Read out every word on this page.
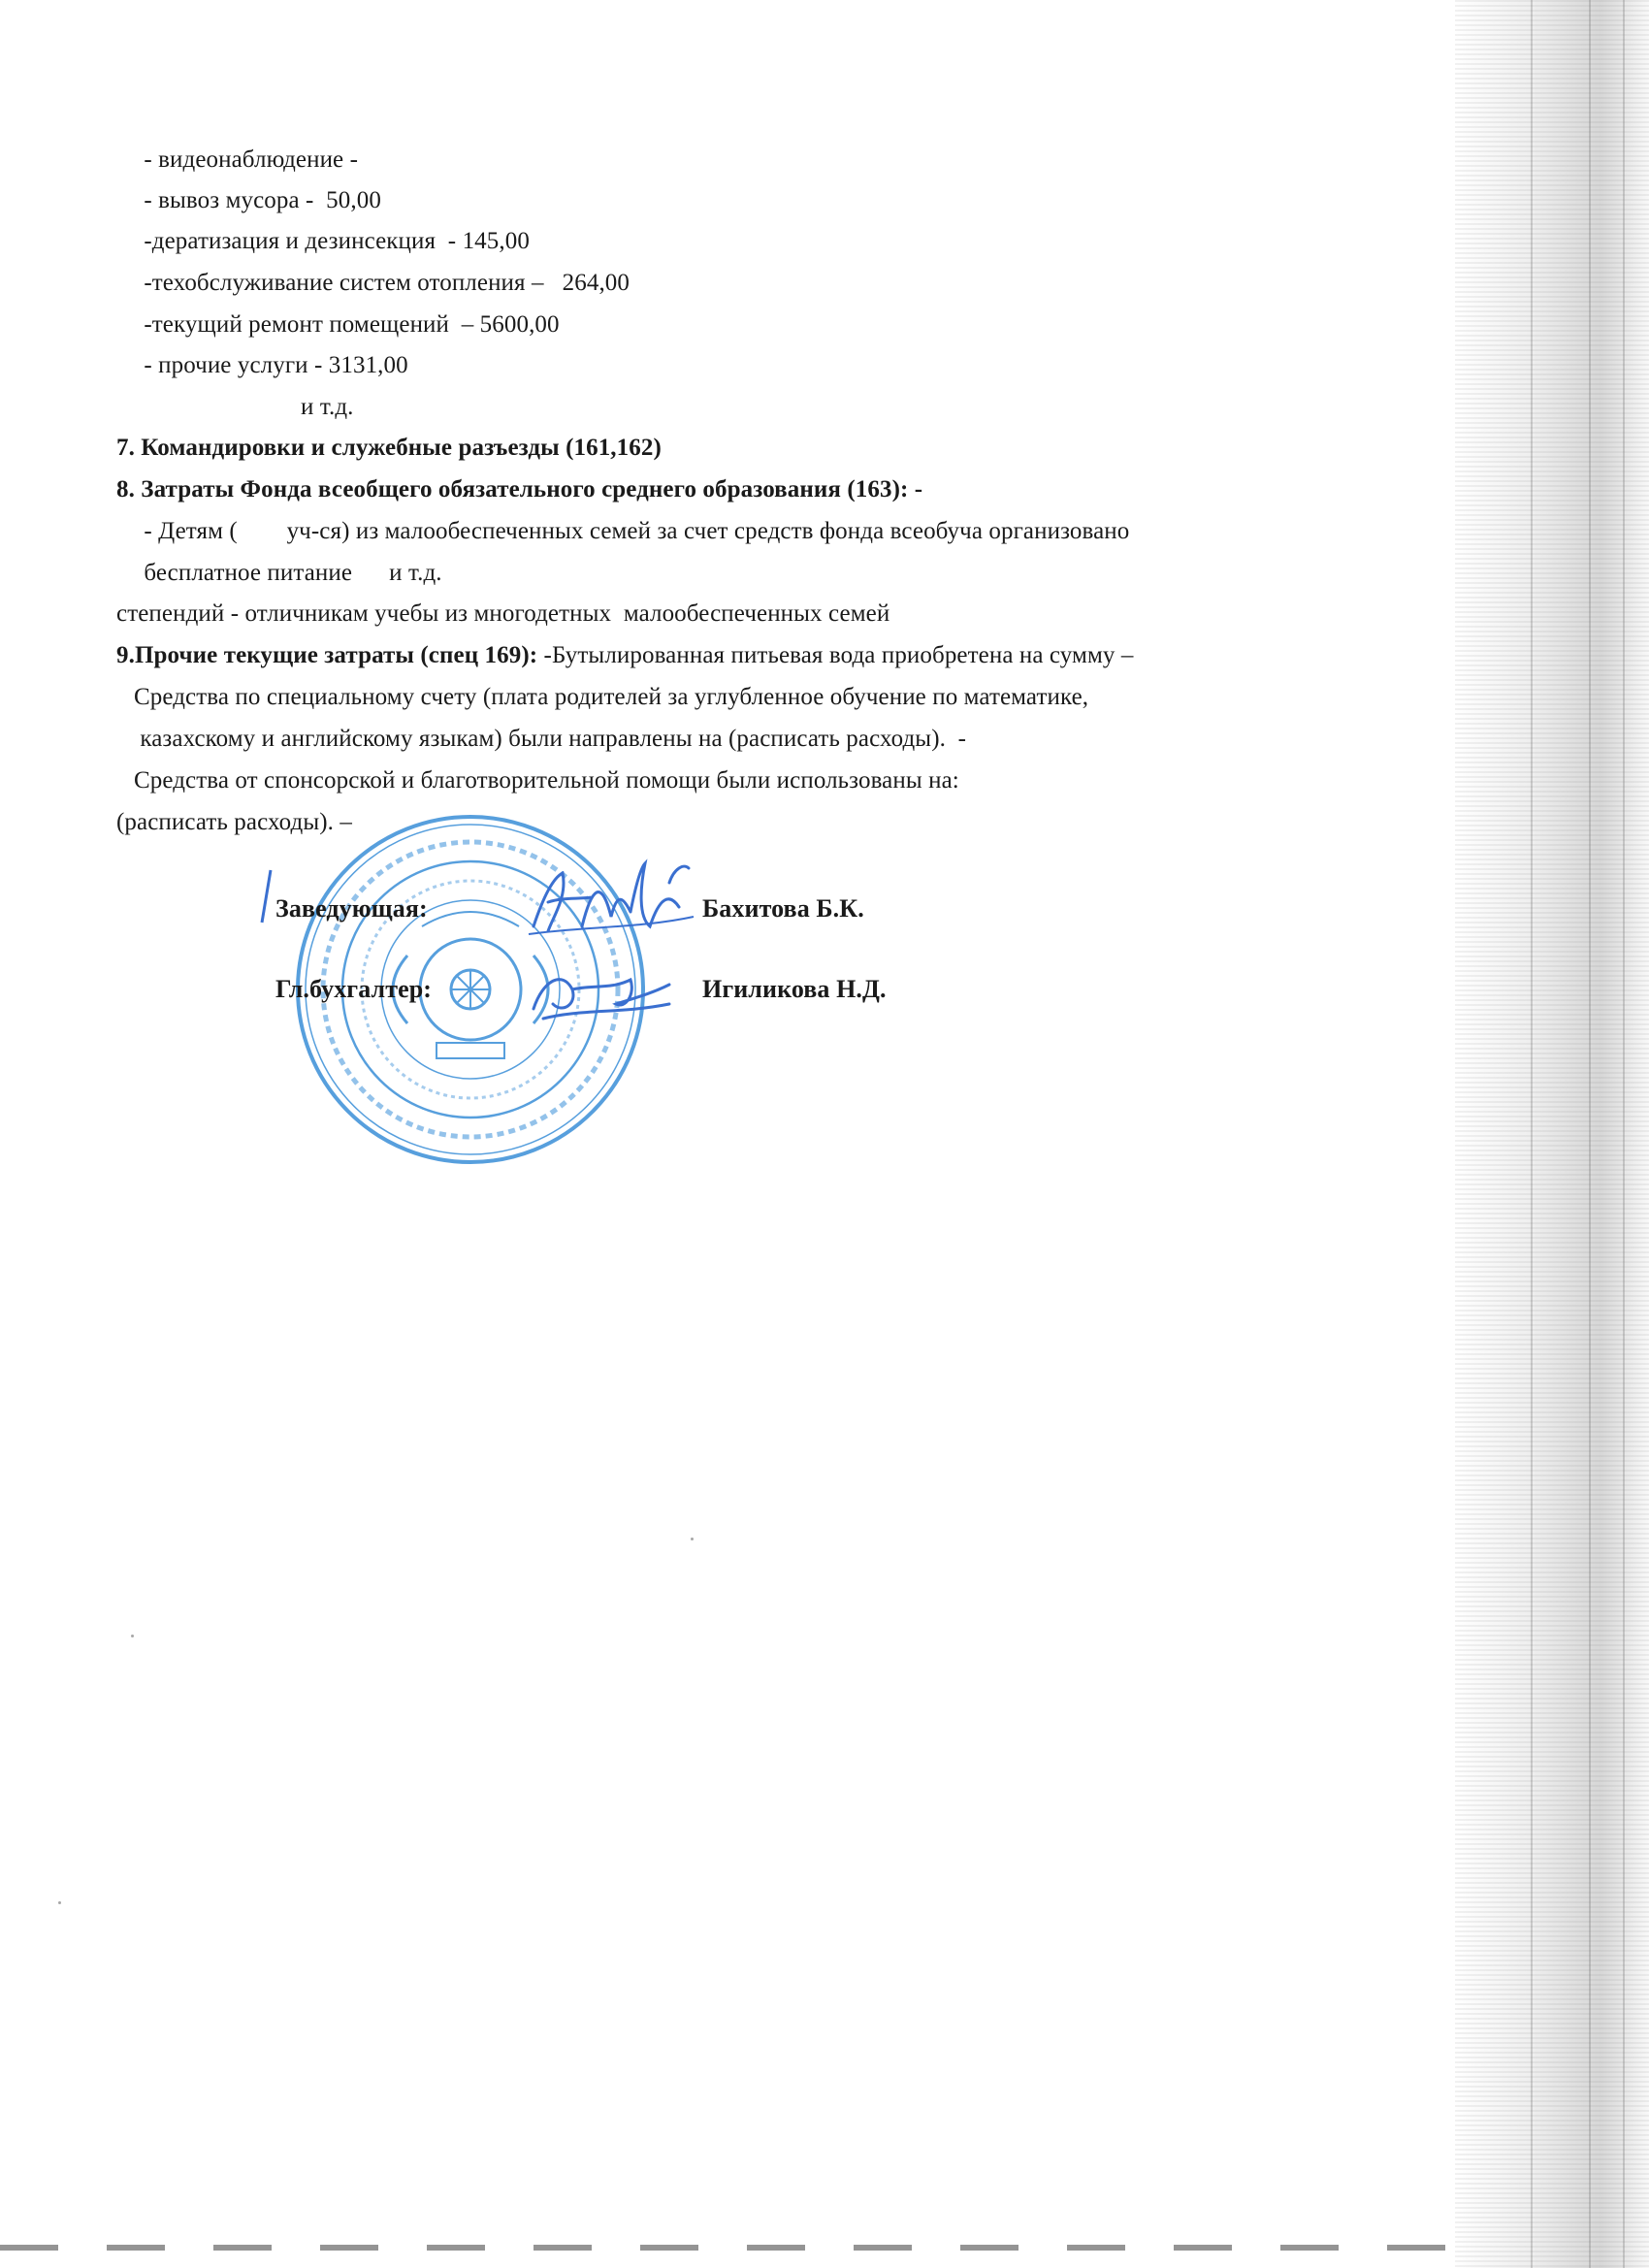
- видеонаблюдение -
- вывоз мусора -  50,00
-дератизация и дезинсекция  - 145,00
-техобслуживание систем отопления –   264,00
-текущий ремонт помещений  – 5600,00
- прочие услуги - 3131,00
и т.д.
7. Командировки и служебные разъезды (161,162)
8. Затраты Фонда всеобщего обязательного среднего образования (163): -
- Детям (        уч-ся) из малообеспеченных семей за счет средств фонда всеобуча организовано
бесплатное питание      и т.д.
степендий - отличникам учебы из многодетных  малообеспеченных семей
9.Прочие текущие затраты (спец 169): -Бутылированная питьевая вода приобретена на сумму –
Средства по специальному счету (плата родителей за углубленное обучение по математике,
казахскому и английскому языкам) были направлены на (расписать расходы).  -
Средства от спонсорской и благотворительной помощи были использованы на:
(расписать расходы). –
Заведующая:	Бахитова Б.К.
Гл.бухгалтер:	Игиликова Н.Д.
